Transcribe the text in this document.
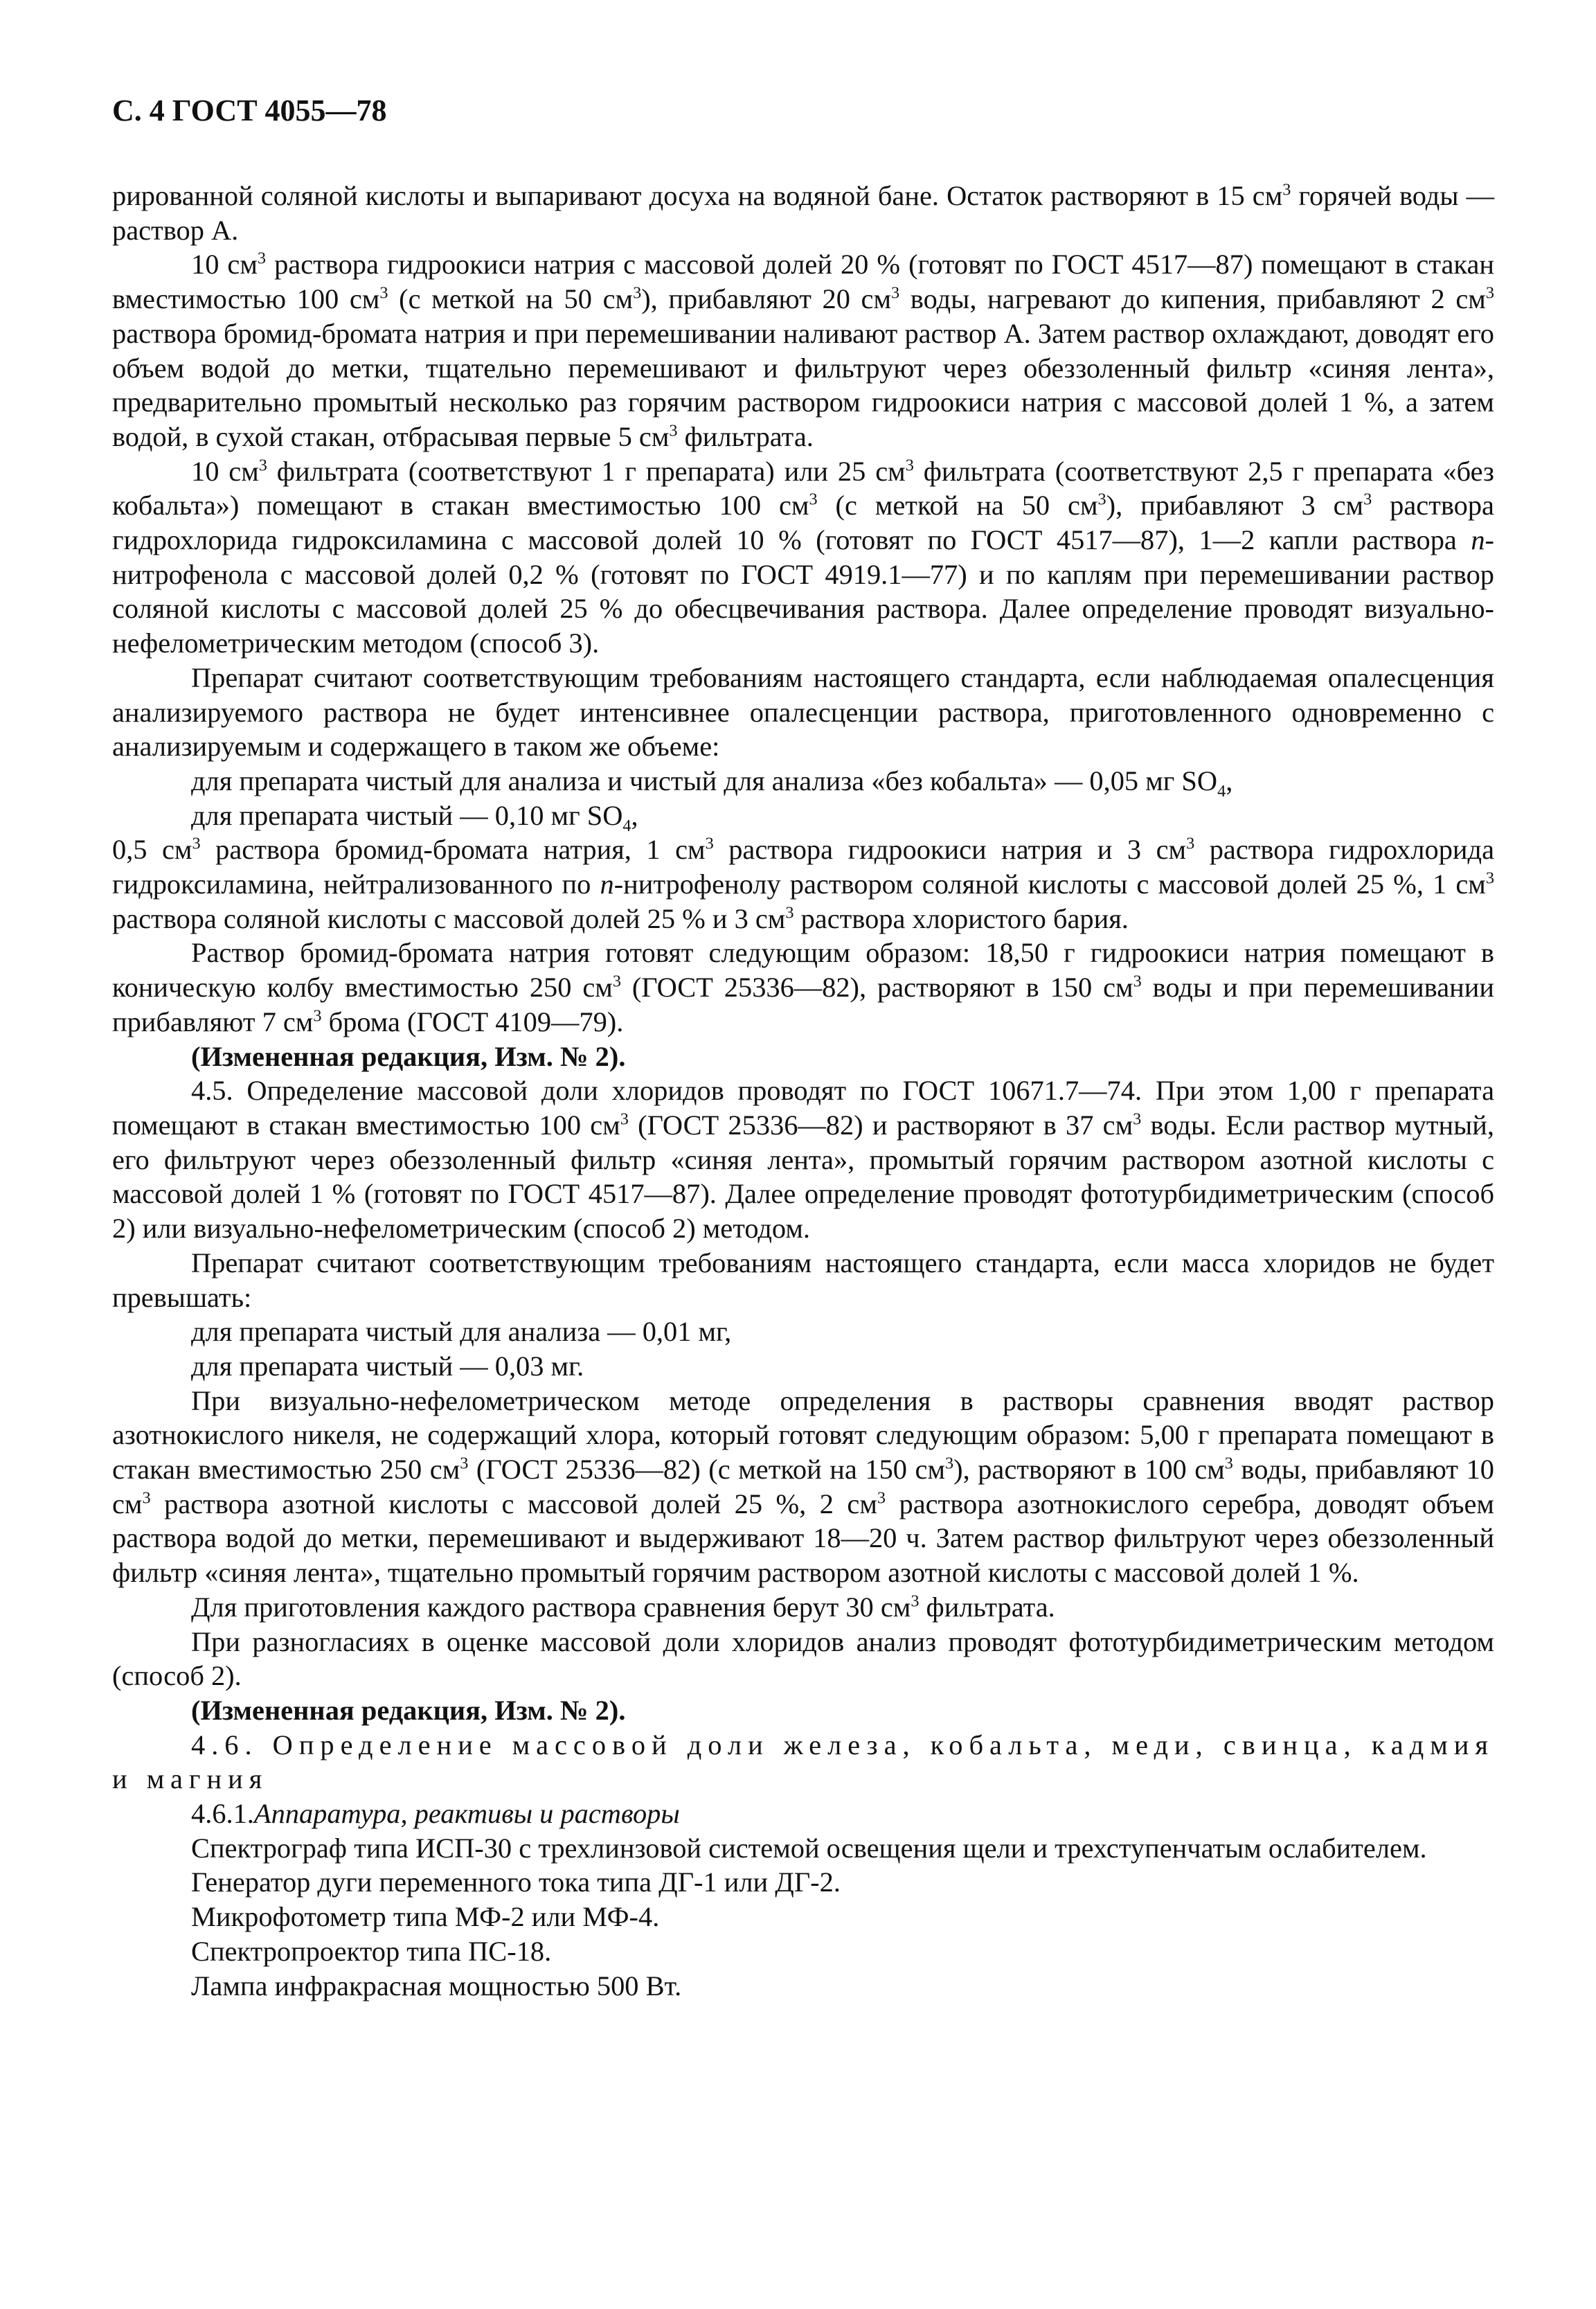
С. 4 ГОСТ 4055—78

рированной соляной кислоты и выпаривают досуха на водяной бане. Остаток растворяют в 15 $см^3$ горячей воды — раствор А.

10 $см^3$ раствора гидроокиси натрия с массовой долей 20 % (готовят по ГОСТ 4517—87) помещают в стакан вместимостью 100 $см^3$ (с меткой на 50 $см^3$), прибавляют 20 $см^3$ воды, нагревают до кипения, прибавляют 2 $см^3$ раствора бромид-бромата натрия и при перемешивании наливают раствор А. Затем раствор охлаждают, доводят его объем водой до метки, тщательно перемешивают и фильтруют через обеззоленный фильтр «синяя лента», предварительно промытый несколько раз горячим раствором гидроокиси натрия с массовой долей 1 %, а затем водой, в сухой стакан, отбрасывая первые 5 $см^3$ фильтрата.

10 $см^3$ фильтрата (соответствуют 1 г препарата) или 25 $см^3$ фильтрата (соответствуют 2,5 г препарата «без кобальта») помещают в стакан вместимостью 100 $см^3$ (с меткой на 50 $см^3$), прибавляют 3 $см^3$ раствора гидрохлорида гидроксиламина с массовой долей 10 % (готовят по ГОСТ 4517—87), 1—2 капли раствора n-нитрофенола с массовой долей 0,2 % (готовят по ГОСТ 4919.1—77) и по каплям при перемешивании раствор соляной кислоты с массовой долей 25 % до обесцвечивания раствора. Далее определение проводят визуально-нефелометрическим методом (способ 3).

Препарат считают соответствующим требованиям настоящего стандарта, если наблюдаемая опалесценция анализируемого раствора не будет интенсивнее опалесценции раствора, приготовленного одновременно с анализируемым и содержащего в таком же объеме:

для препарата чистый для анализа и чистый для анализа «без кобальта» — 0,05 мг $SO_4$,

для препарата чистый — 0,10 мг $SO_4$,

0,5 $см^3$ раствора бромид-бромата натрия, 1 $см^3$ раствора гидроокиси натрия и 3 $см^3$ раствора гидрохлорида гидроксиламина, нейтрализованного по n-нитрофенолу раствором соляной кислоты с массовой долей 25 %, 1 $см^3$ раствора соляной кислоты с массовой долей 25 % и 3 $см^3$ раствора хлористого бария.

Раствор бромид-бромата натрия готовят следующим образом: 18,50 г гидроокиси натрия помещают в коническую колбу вместимостью 250 $см^3$ (ГОСТ 25336—82), растворяют в 150 $см^3$ воды и при перемешивании прибавляют 7 $см^3$ брома (ГОСТ 4109—79).

(Измененная редакция, Изм. № 2).

4.5. Определение массовой доли хлоридов проводят по ГОСТ 10671.7—74. При этом 1,00 г препарата помещают в стакан вместимостью 100 $см^3$ (ГОСТ 25336—82) и растворяют в 37 $см^3$ воды. Если раствор мутный, его фильтруют через обеззоленный фильтр «синяя лента», промытый горячим раствором азотной кислоты с массовой долей 1 % (готовят по ГОСТ 4517—87). Далее определение проводят фототурбидиметрическим (способ 2) или визуально-нефелометрическим (способ 2) методом.

Препарат считают соответствующим требованиям настоящего стандарта, если масса хлоридов не будет превышать:

для препарата чистый для анализа — 0,01 мг,

для препарата чистый — 0,03 мг.

При визуально-нефелометрическом методе определения в растворы сравнения вводят раствор азотнокислого никеля, не содержащий хлора, который готовят следующим образом: 5,00 г препарата помещают в стакан вместимостью 250 $см^3$ (ГОСТ 25336—82) (с меткой на 150 $см^3$), растворяют в 100 $см^3$ воды, прибавляют 10 $см^3$ раствора азотной кислоты с массовой долей 25 %, 2 $см^3$ раствора азотнокислого серебра, доводят объем раствора водой до метки, перемешивают и выдерживают 18—20 ч. Затем раствор фильтруют через обеззоленный фильтр «синяя лента», тщательно промытый горячим раствором азотной кислоты с массовой долей 1 %.

Для приготовления каждого раствора сравнения берут 30 $см^3$ фильтрата.

При разногласиях в оценке массовой доли хлоридов анализ проводят фототурбидиметрическим методом (способ 2).

(Измененная редакция, Изм. № 2).

4.6. Определение массовой доли железа, кобальта, меди, свинца, кадмия и магния

4.6.1.Аппаратура, реактивы и растворы

Спектрограф типа ИСП-30 с трехлинзовой системой освещения щели и трехступенчатым ослабителем.

Генератор дуги переменного тока типа ДГ-1 или ДГ-2.

Микрофотометр типа МФ-2 или МФ-4.

Спектропроектор типа ПС-18.

Лампа инфракрасная мощностью 500 Вт.
